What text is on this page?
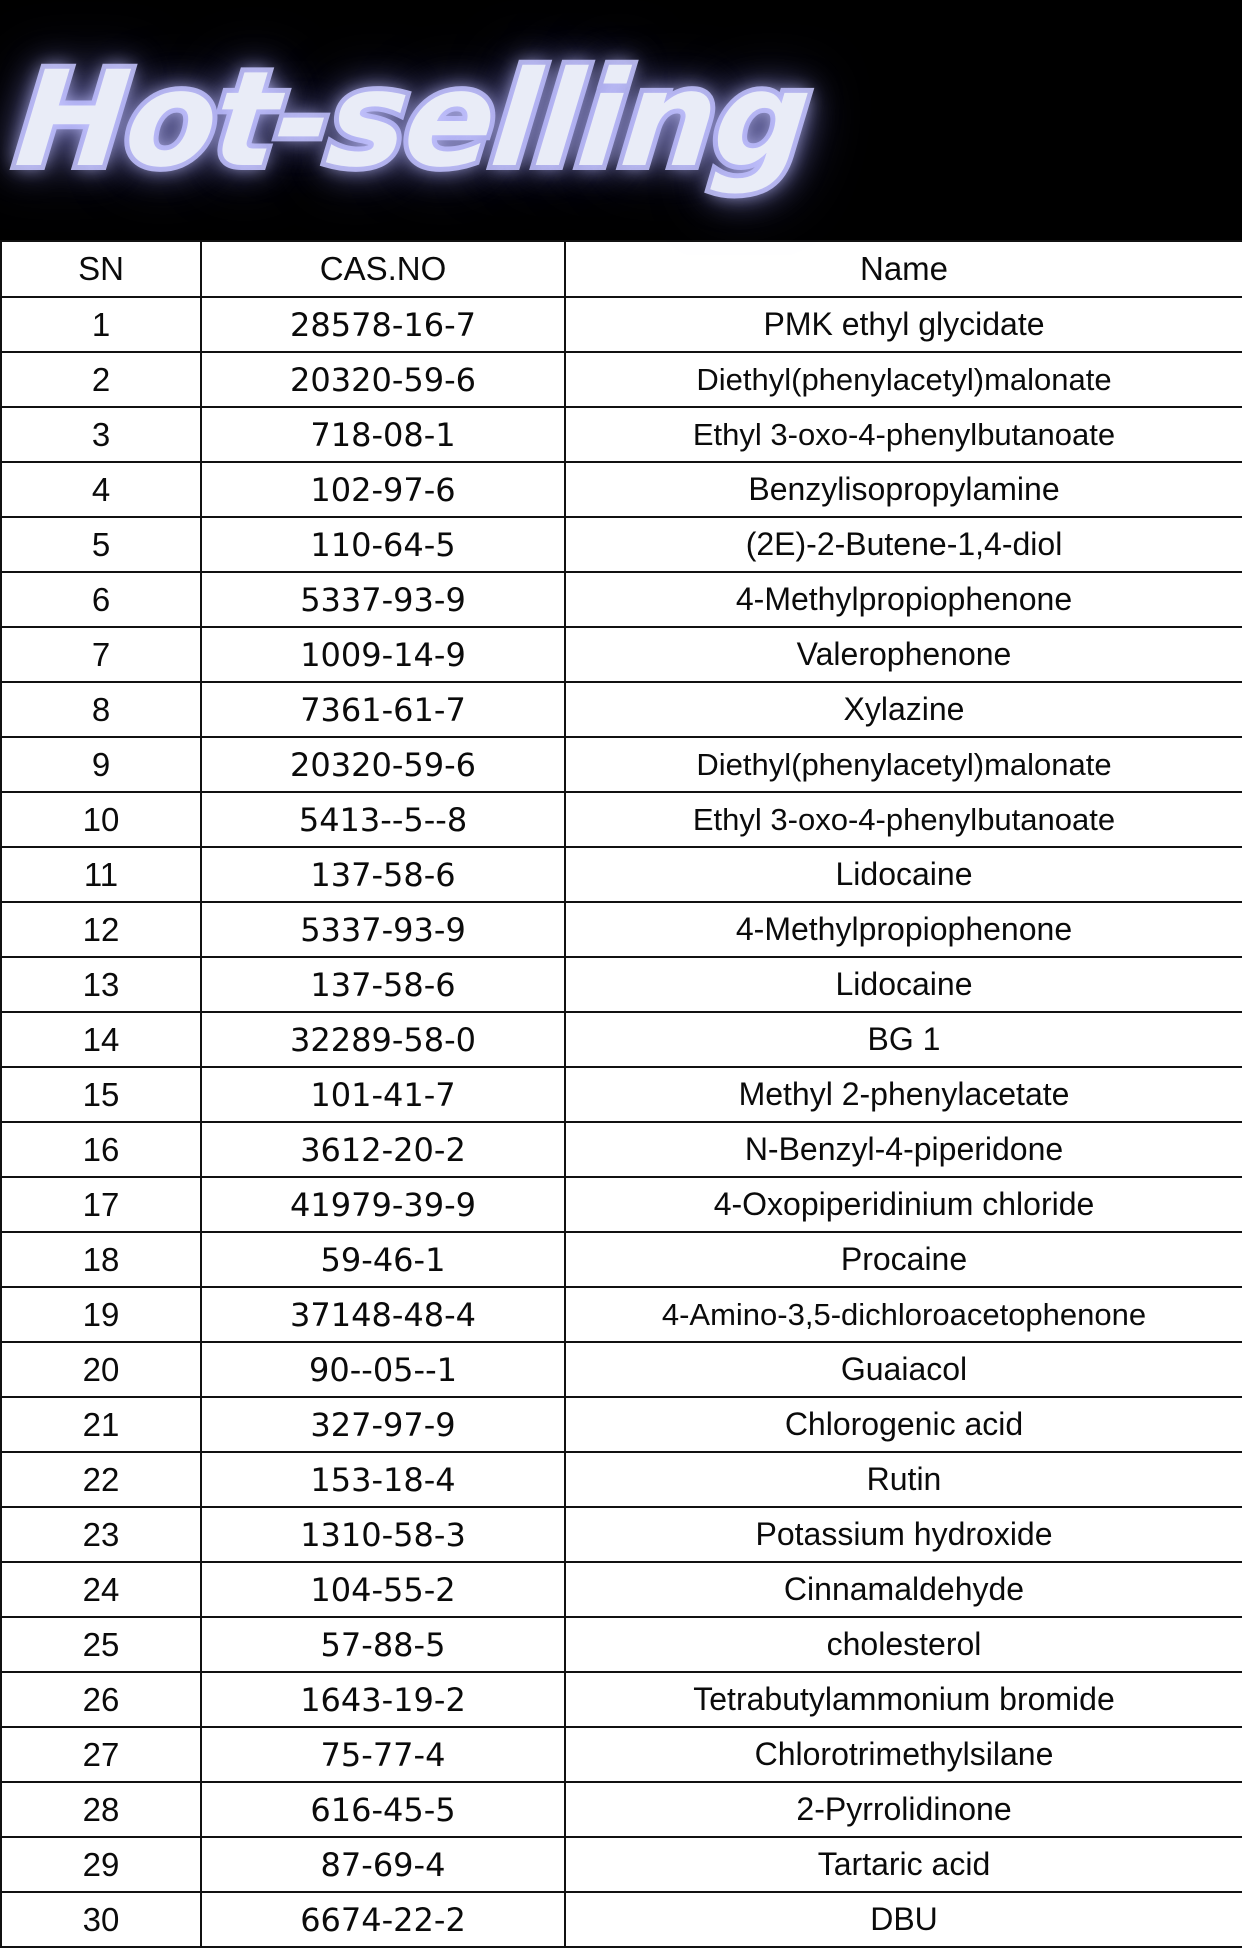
Hot-selling
SN	CAS.NO	Name
1	28578-16-7	PMK ethyl glycidate
2	20320-59-6	Diethyl(phenylacetyl)malonate
3	718-08-1	Ethyl 3-oxo-4-phenylbutanoate
4	102-97-6	Benzylisopropylamine
5	110-64-5	(2E)-2-Butene-1,4-diol
6	5337-93-9	4-Methylpropiophenone
7	1009-14-9	Valerophenone
8	7361-61-7	Xylazine
9	20320-59-6	Diethyl(phenylacetyl)malonate
10	5413--5--8	Ethyl 3-oxo-4-phenylbutanoate
11	137-58-6	Lidocaine
12	5337-93-9	4-Methylpropiophenone
13	137-58-6	Lidocaine
14	32289-58-0	BG 1
15	101-41-7	Methyl 2-phenylacetate
16	3612-20-2	N-Benzyl-4-piperidone
17	41979-39-9	4-Oxopiperidinium chloride
18	59-46-1	Procaine
19	37148-48-4	4-Amino-3,5-dichloroacetophenone
20	90--05--1	Guaiacol
21	327-97-9	Chlorogenic acid
22	153-18-4	Rutin
23	1310-58-3	Potassium hydroxide
24	104-55-2	Cinnamaldehyde
25	57-88-5	cholesterol
26	1643-19-2	Tetrabutylammonium bromide
27	75-77-4	Chlorotrimethylsilane
28	616-45-5	2-Pyrrolidinone
29	87-69-4	Tartaric acid
30	6674-22-2	DBU
